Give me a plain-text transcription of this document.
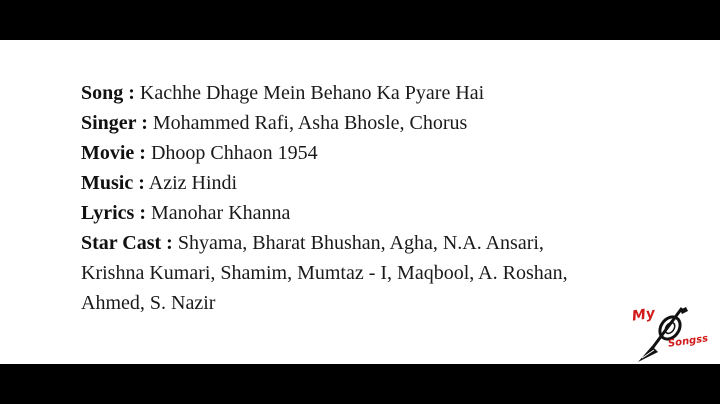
Song : Kachhe Dhage Mein Behano Ka Pyare Hai
Singer : Mohammed Rafi, Asha Bhosle, Chorus
Movie : Dhoop Chhaon 1954
Music : Aziz Hindi
Lyrics : Manohar Khanna
Star Cast : Shyama, Bharat Bhushan, Agha, N.A. Ansari,
Krishna Kumari, Shamim, Mumtaz - I, Maqbool, A. Roshan,
Ahmed, S. Nazir
My
Songss
